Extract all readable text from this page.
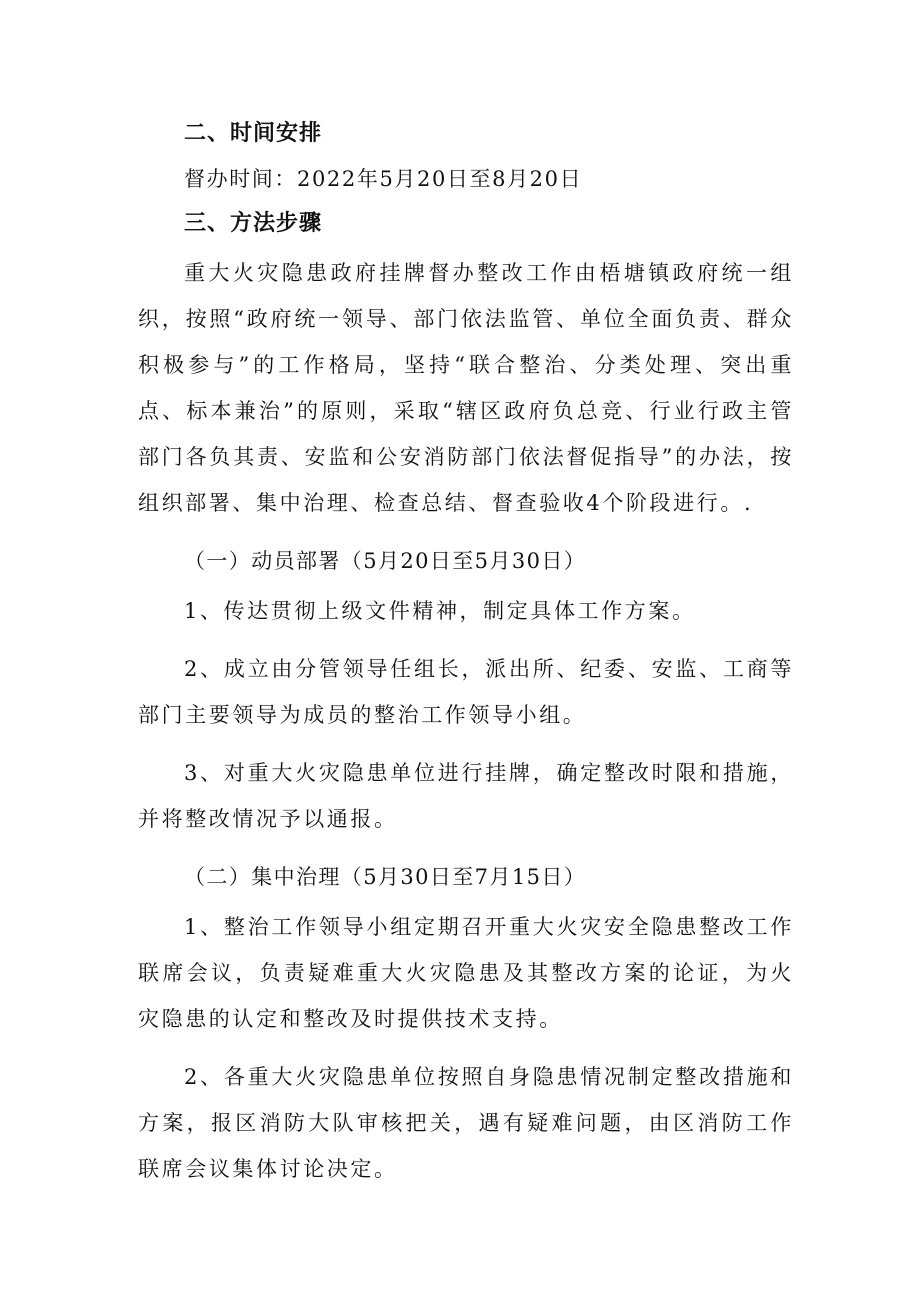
二、时间安排
督办时间：2022年5月20日至8月20日
三、方法步骤

重大火灾隐患政府挂牌督办整改工作由梧塘镇政府统一组织，按照“政府统一领导、部门依法监管、单位全面负责、群众积极参与”的工作格局，坚持“联合整治、分类处理、突出重点、标本兼治”的原则，采取“辖区政府负总竞、行业行政主管部门各负其责、安监和公安消防部门依法督促指导”的办法，按组织部署、集中治理、检查总结、督查验收4个阶段进行。.

（一）动员部署（5月20日至5月30日）

1、传达贯彻上级文件精神，制定具体工作方案。

2、成立由分管领导任组长，派出所、纪委、安监、工商等部门主要领导为成员的整治工作领导小组。

3、对重大火灾隐患单位进行挂牌，确定整改时限和措施，并将整改情况予以通报。

（二）集中治理（5月30日至7月15日）

1、整治工作领导小组定期召开重大火灾安全隐患整改工作联席会议，负责疑难重大火灾隐患及其整改方案的论证，为火灾隐患的认定和整改及时提供技术支持。

2、各重大火灾隐患单位按照自身隐患情况制定整改措施和方案，报区消防大队审核把关，遇有疑难问题，由区消防工作联席会议集体讨论决定。
